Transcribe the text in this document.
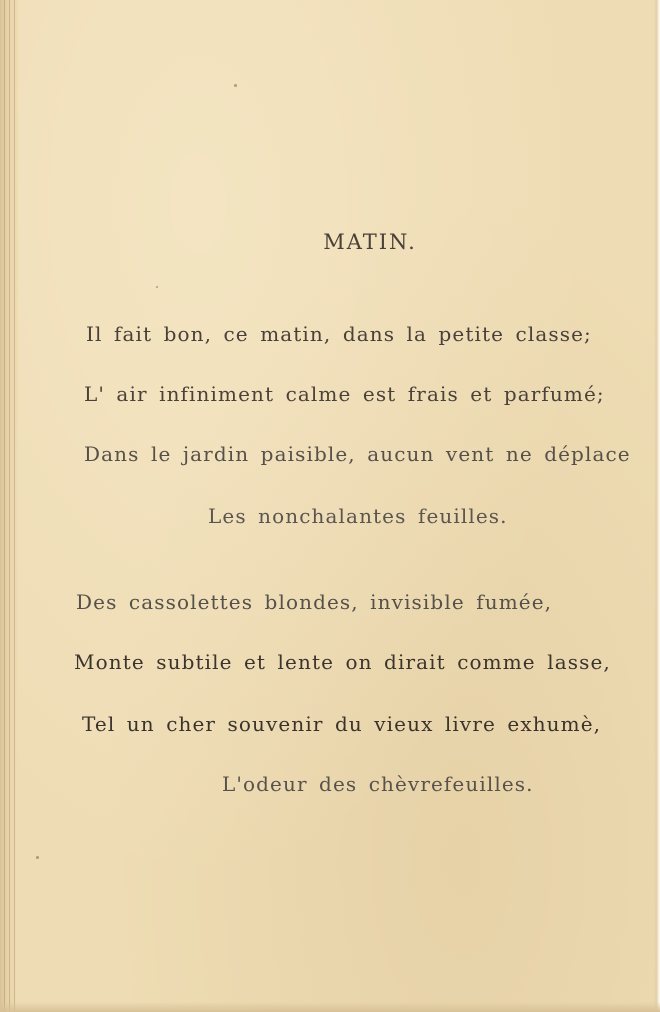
MATIN.
Il fait bon, ce matin, dans la petite classe;
L' air infiniment calme est frais et parfumé;
Dans le jardin paisible, aucun vent ne déplace
Les nonchalantes feuilles.
Des cassolettes blondes, invisible fumée,
Monte subtile et lente on dirait comme lasse,
Tel un cher souvenir du vieux livre exhumè,
L'odeur des chèvrefeuilles.
